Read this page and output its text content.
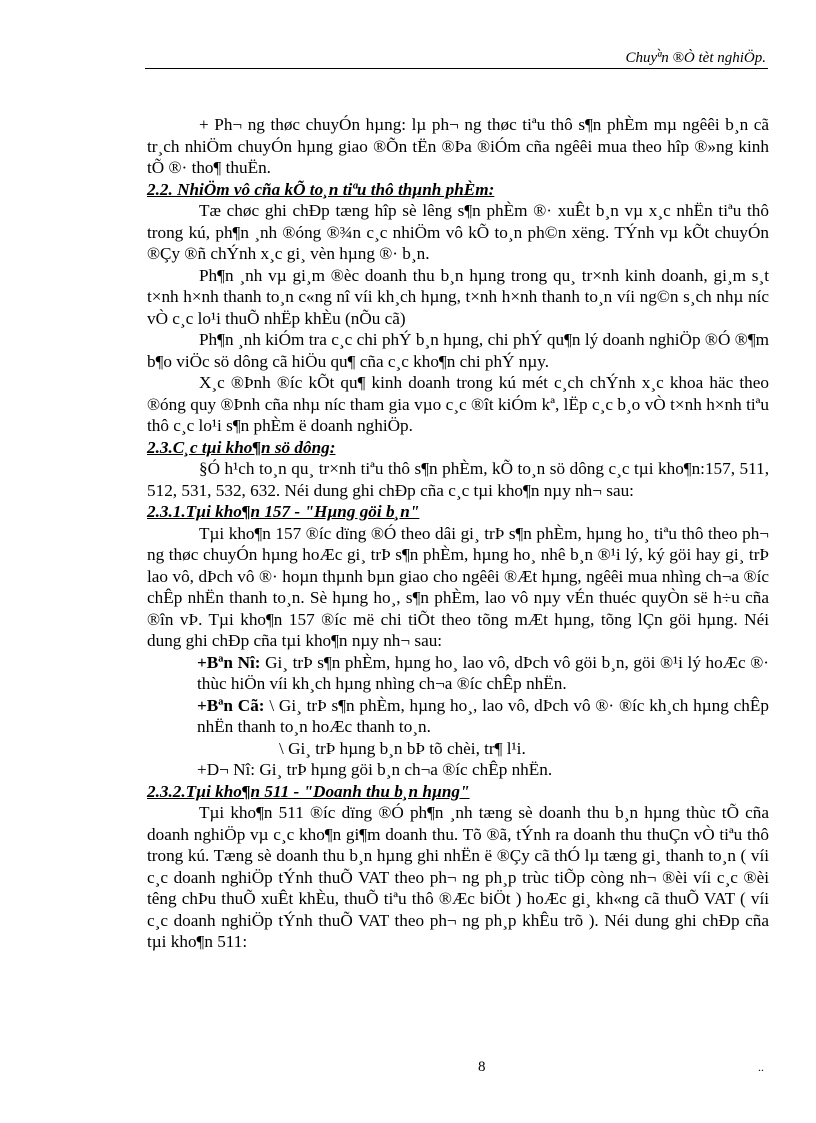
Chuyª̀n ®Ò tèt nghiÖp.

+ Ph¬ ng thøc chuyÓn hµng: lµ ph¬ ng thøc tiªu thô s¶n phÈm mµ ngêêi b¸n cã tr¸ch nhiÖm chuyÓn hµng giao ®Õn tËn ®Þa ®iÓm cña ngêêi mua theo hîp ®»ng kinh tÕ ®· tho¶ thuËn.

2.2. NhiÖm vô cña kÕ to¸n tiªu thô thµnh phÈm:

Tæ chøc ghi chÐp tæng hîp sè lêng s¶n phÈm ®· xuÊt b¸n vµ x¸c nhËn tiªu thô trong kú, ph¶n ¸nh ®óng ®¾n c¸c nhiÖm vô kÕ to¸n ph©n xëng. TÝnh vµ kÕt chuyÓn ®Çy ®ñ chÝnh x¸c gi¸ vèn hµng ®· b¸n.

Ph¶n ¸nh vµ gi¸m ®èc doanh thu b¸n hµng trong qu¸ tr×nh kinh doanh, gi¸m s¸t t×nh h×nh thanh to¸n c«ng nî víi kh¸ch hµng, t×nh h×nh thanh to¸n víi ng©n s¸ch nhµ níc vÒ c¸c lo¹i thuÕ nhËp khÈu (nÕu cã)

Ph¶n ¸nh kiÓm tra c¸c chi phÝ b¸n hµng, chi phÝ qu¶n lý doanh nghiÖp ®Ó ®¶m b¶o viÖc sö dông cã hiÖu qu¶ cña c¸c kho¶n chi phÝ nµy.

X¸c ®Þnh ®íc kÕt qu¶ kinh doanh trong kú mét c¸ch chÝnh x¸c khoa häc theo ®óng quy ®Þnh cña nhµ níc tham gia vµo c¸c ®ît kiÓm kª, lËp c¸c b¸o vÒ t×nh h×nh tiªu thô c¸c lo¹i s¶n phÈm ë doanh nghiÖp.

2.3.C¸c tµi kho¶n sö dông:

§Ó h¹ch to¸n qu¸ tr×nh tiªu thô s¶n phÈm, kÕ to¸n sö dông c¸c tµi kho¶n:157, 511, 512, 531, 532, 632. Néi dung ghi chÐp cña c¸c tµi kho¶n nµy nh¬ sau:

2.3.1.Tµi kho¶n 157 - "Hµng göi b¸n"

Tµi kho¶n 157 ®íc dïng ®Ó theo dâi gi¸ trÞ s¶n phÈm, hµng ho¸ tiªu thô theo ph¬ ng thøc chuyÓn hµng hoÆc gi¸ trÞ s¶n phÈm, hµng ho¸ nhê b¸n ®¹i lý, ký göi hay gi¸ trÞ lao vô, dÞch vô ®· hoµn thµnh bµn giao cho ngêêi ®Æt hµng, ngêêi mua nhìng ch¬a ®íc chÊp nhËn thanh to¸n. Sè hµng ho¸, s¶n phÈm, lao vô nµy vÉn thuéc quyÒn së h÷u cña ®în vÞ. Tµi kho¶n 157 ®íc më chi tiÕt theo tõng mÆt hµng, tõng lÇn göi hµng. Néi dung ghi chÐp cña tµi kho¶n nµy nh¬ sau:

+Bªn Nî: Gi¸ trÞ s¶n phÈm, hµng ho¸ lao vô, dÞch vô göi b¸n, göi ®¹i lý hoÆc ®· thùc hiÖn víi kh¸ch hµng nhìng ch¬a ®íc chÊp nhËn.

+Bªn Cã: \ Gi¸ trÞ s¶n phÈm, hµng ho¸, lao vô, dÞch vô ®· ®íc kh¸ch hµng chÊp nhËn thanh to¸n hoÆc thanh to¸n.

\ Gi¸ trÞ hµng b¸n bÞ tõ chèi, tr¶ l¹i.

+D¬ Nî: Gi¸ trÞ hµng göi b¸n ch¬a ®íc chÊp nhËn.

2.3.2.Tµi kho¶n 511 - "Doanh thu b¸n hµng"

Tµi kho¶n 511 ®íc dïng ®Ó ph¶n ¸nh tæng sè doanh thu b¸n hµng thùc tÕ cña doanh nghiÖp vµ c¸c kho¶n gi¶m doanh thu. Tõ ®ã, tÝnh ra doanh thu thuÇn vÒ tiªu thô trong kú. Tæng sè doanh thu b¸n hµng ghi nhËn ë ®Çy cã thÓ lµ tæng gi¸ thanh to¸n ( víi c¸c doanh nghiÖp tÝnh thuÕ VAT theo ph¬ ng ph¸p trùc tiÕp còng nh¬ ®èi víi c¸c ®èi têng chÞu thuÕ xuÊt khÈu, thuÕ tiªu thô ®Æc biÖt ) hoÆc gi¸ kh«ng cã thuÕ VAT ( víi c¸c doanh nghiÖp tÝnh thuÕ VAT theo ph¬ ng ph¸p khÊu trõ ). Néi dung ghi chÐp cña tµi kho¶n 511:

8	..
